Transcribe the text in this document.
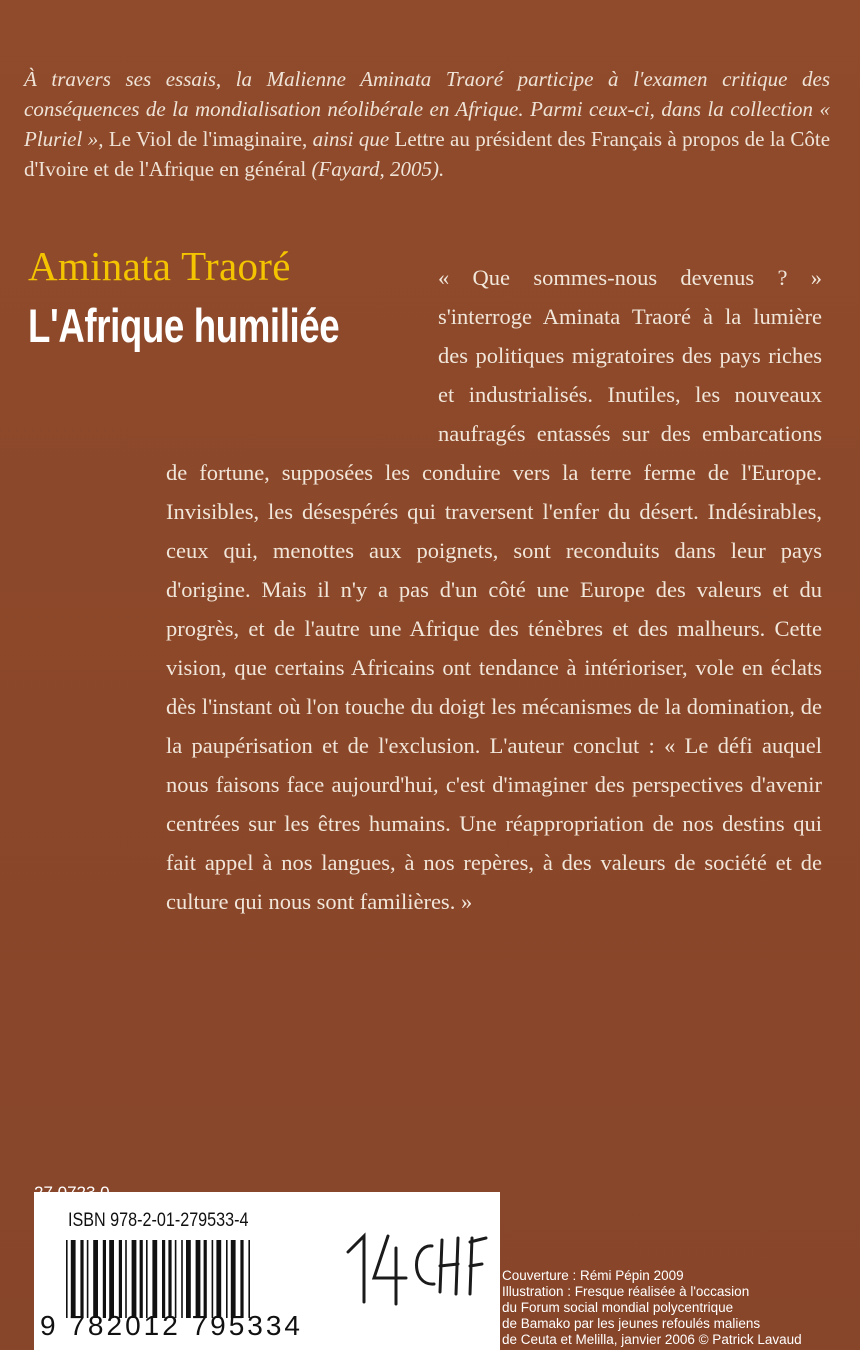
À travers ses essais, la Malienne Aminata Traoré participe à l'examen critique des conséquences de la mondialisation néolibérale en Afrique. Parmi ceux-ci, dans la collection « Pluriel », Le Viol de l'imaginaire, ainsi que Lettre au président des Français à propos de la Côte d'Ivoire et de l'Afrique en général (Fayard, 2005).
Aminata Traoré
L'Afrique humiliée
« Que sommes-nous devenus ? » s'interroge Aminata Traoré à la lumière des politiques migratoires des pays riches et industrialisés. Inutiles, les nouveaux naufragés entassés sur des embarcations de fortune, supposées les conduire vers la terre ferme de l'Europe. Invisibles, les désespérés qui traversent l'enfer du désert. Indésirables, ceux qui, menottes aux poignets, sont reconduits dans leur pays d'origine. Mais il n'y a pas d'un côté une Europe des valeurs et du progrès, et de l'autre une Afrique des ténèbres et des malheurs. Cette vision, que certains Africains ont tendance à intérioriser, vole en éclats dès l'instant où l'on touche du doigt les mécanismes de la domination, de la paupérisation et de l'exclusion. L'auteur conclut : « Le défi auquel nous faisons face aujourd'hui, c'est d'imaginer des perspectives d'avenir centrées sur les êtres humains. Une réappropriation de nos destins qui fait appel à nos langues, à nos repères, à des valeurs de société et de culture qui nous sont familières. »
ISBN 978-2-01-279533-4
9 782012 795334
Couverture : Rémi Pépin 2009
Illustration : Fresque réalisée à l'occasion
du Forum social mondial polycentrique
de Bamako par les jeunes refoulés maliens
de Ceuta et Melilla, janvier 2006 © Patrick Lavaud
